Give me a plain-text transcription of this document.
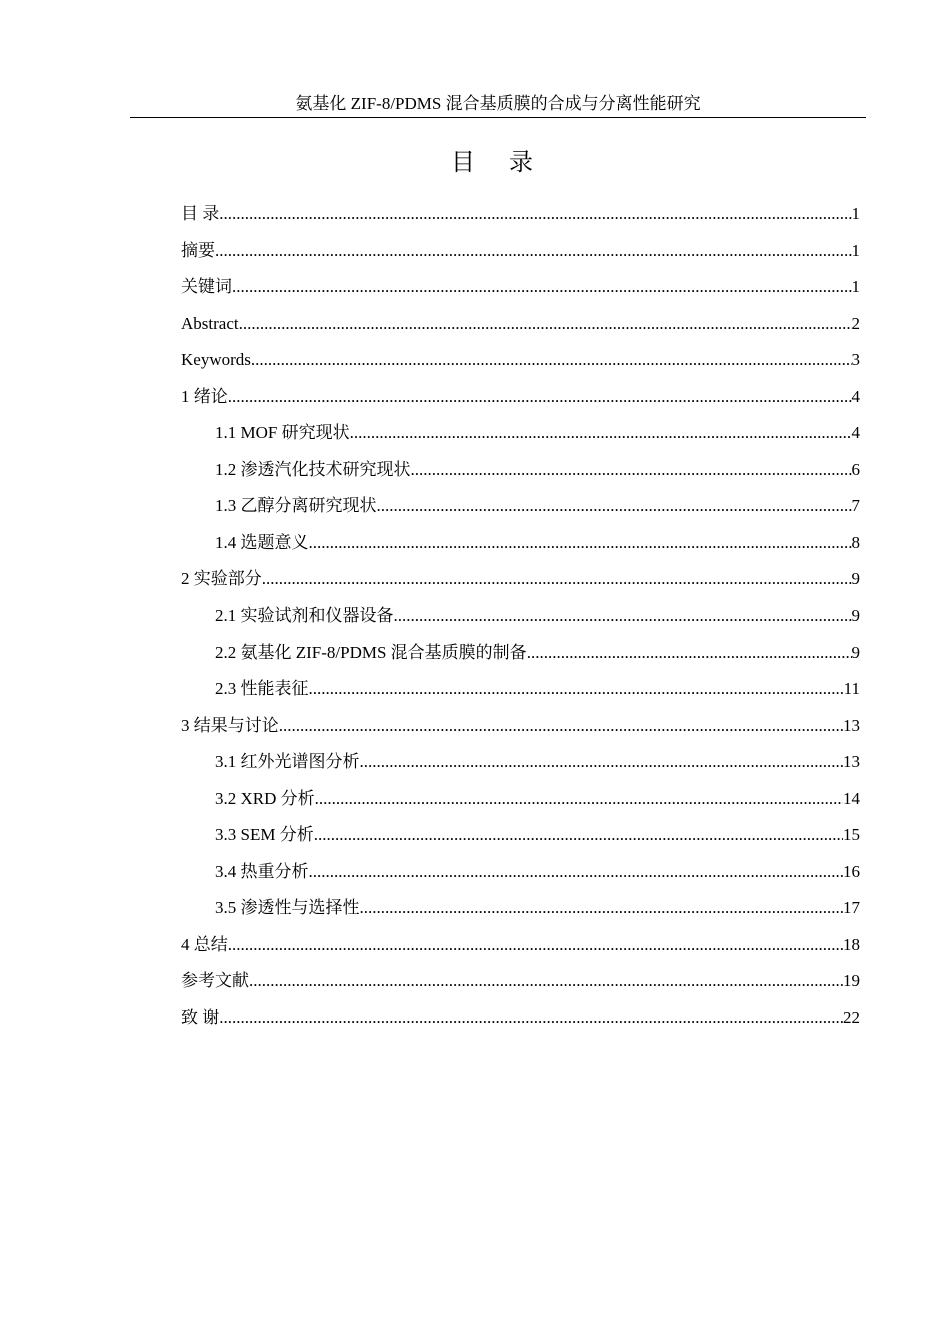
氨基化 ZIF-8/PDMS 混合基质膜的合成与分离性能研究
目 录
目 录 .....	1
摘要 .....	1
关键词 .....	1
Abstract .....	2
Keywords .....	3
1 绪论 .....	4
1.1 MOF 研究现状 .....	4
1.2 渗透汽化技术研究现状 .....	6
1.3 乙醇分离研究现状 .....	7
1.4 选题意义 .....	8
2 实验部分 .....	9
2.1 实验试剂和仪器设备 .....	9
2.2 氨基化 ZIF-8/PDMS 混合基质膜的制备 .....	9
2.3 性能表征 .....	11
3 结果与讨论 .....	13
3.1 红外光谱图分析 .....	13
3.2 XRD 分析 .....	14
3.3 SEM 分析 .....	15
3.4 热重分析 .....	16
3.5 渗透性与选择性 .....	17
4 总结 .....	18
参考文献 .....	19
致 谢 .....	22
